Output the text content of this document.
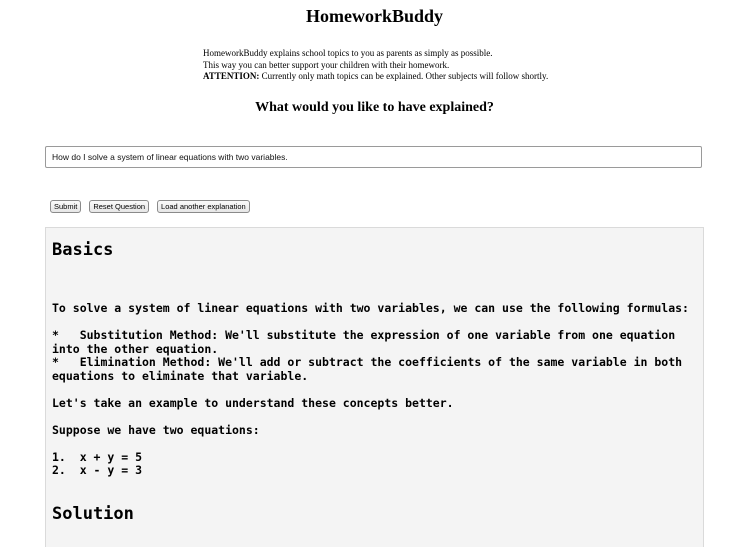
HomeworkBuddy
HomeworkBuddy explains school topics to you as parents as simply as possible.
This way you can better support your children with their homework.
ATTENTION: Currently only math topics can be explained. Other subjects will follow shortly.
What would you like to have explained?
How do I solve a system of linear equations with two variables.
Submit	Reset Question	Load another explanation
Basics
To solve a system of linear equations with two variables, we can use the following formulas:
*   Substitution Method: We'll substitute the expression of one variable from one equation into the other equation.
*   Elimination Method: We'll add or subtract the coefficients of the same variable in both equations to eliminate that variable.
Let's take an example to understand these concepts better.
Suppose we have two equations:
1.  x + y = 5
2.  x - y = 3
Solution
